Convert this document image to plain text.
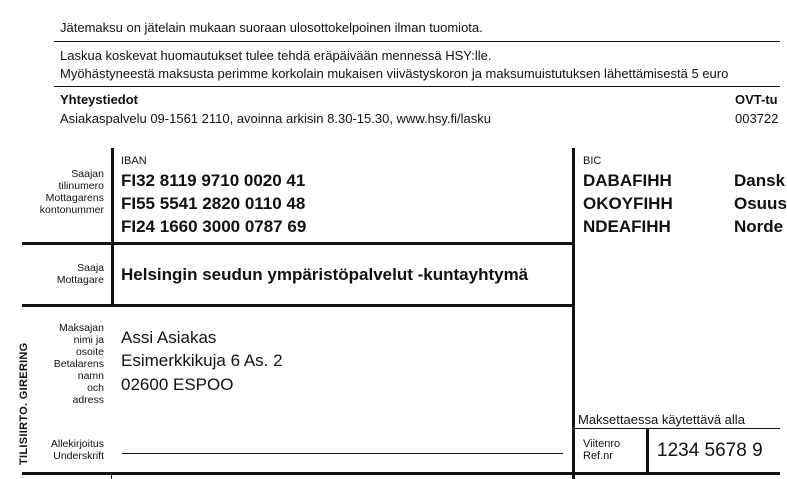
Jätemaksu on jätelain mukaan suoraan ulosottokelpoinen ilman tuomiota.
Laskua koskevat huomautukset tulee tehdä eräpäivään mennessä HSY:lle.
Myöhästyneestä maksusta perimme korkolain mukaisen viivästyskoron ja maksumuistutuksen lähettämisestä 5 euro
Yhteystiedot
Asiakaspalvelu 09-1561 2110, avoinna arkisin 8.30-15.30, www.hsy.fi/lasku
OVT-tu
003722
Saajan
tilinumero
Mottagarens
kontonummer
IBAN
FI32 8119 9710 0020 41
FI55 5541 2820 0110 48
FI24 1660 3000 0787 69
BIC
DABAFIHH
OKOYFIHH
NDEAFIHH
Dansk
Osuus
Norde
Saaja
Mottagare Helsingin seudun ympäristöpalvelut -kuntayhtymä
TILISIIRTO. GIRERING
Maksajan
nimi ja
osoite
Betalarens
namn
och
adress
Assi Asiakas
Esimerkkikuja 6 As. 2
02600 ESPOO
Allekirjoitus
Underskrift
Maksettaessa käytettävä alla
Viitenro
Ref.nr	1234 5678 9
